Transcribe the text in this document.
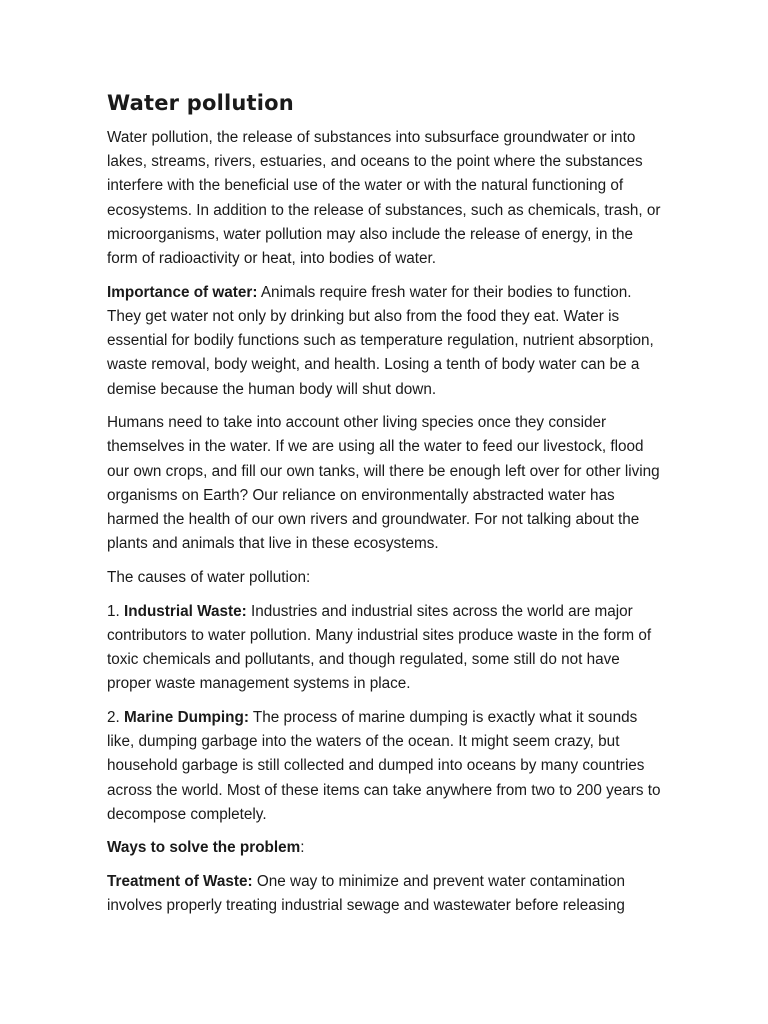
Water pollution

Water pollution, the release of substances into subsurface groundwater or into lakes, streams, rivers, estuaries, and oceans to the point where the substances interfere with the beneficial use of the water or with the natural functioning of ecosystems. In addition to the release of substances, such as chemicals, trash, or microorganisms, water pollution may also include the release of energy, in the form of radioactivity or heat, into bodies of water.

Importance of water: Animals require fresh water for their bodies to function. They get water not only by drinking but also from the food they eat. Water is essential for bodily functions such as temperature regulation, nutrient absorption, waste removal, body weight, and health. Losing a tenth of body water can be a demise because the human body will shut down.

Humans need to take into account other living species once they consider themselves in the water. If we are using all the water to feed our livestock, flood our own crops, and fill our own tanks, will there be enough left over for other living organisms on Earth? Our reliance on environmentally abstracted water has harmed the health of our own rivers and groundwater. For not talking about the plants and animals that live in these ecosystems.

The causes of water pollution:

1. Industrial Waste: Industries and industrial sites across the world are major contributors to water pollution. Many industrial sites produce waste in the form of toxic chemicals and pollutants, and though regulated, some still do not have proper waste management systems in place.

2. Marine Dumping: The process of marine dumping is exactly what it sounds like, dumping garbage into the waters of the ocean. It might seem crazy, but household garbage is still collected and dumped into oceans by many countries across the world. Most of these items can take anywhere from two to 200 years to decompose completely.

Ways to solve the problem:

Treatment of Waste: One way to minimize and prevent water contamination involves properly treating industrial sewage and wastewater before releasing
